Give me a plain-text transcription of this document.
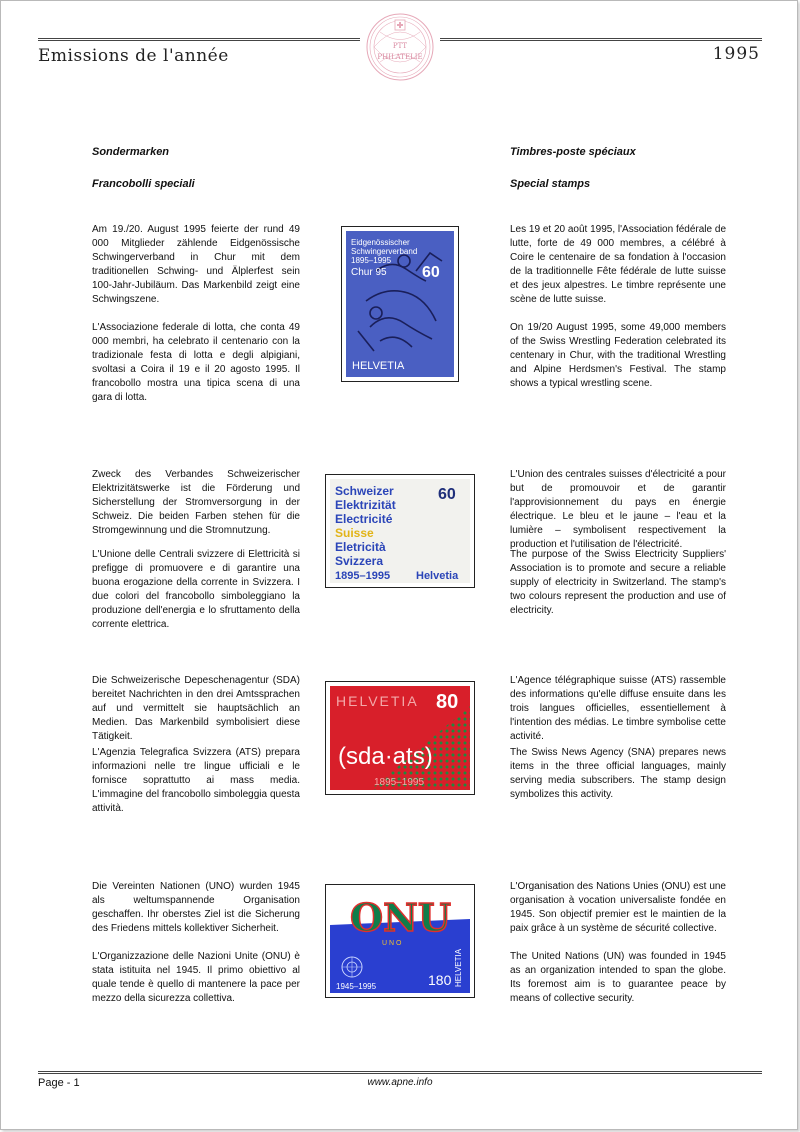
Emissions de l'année	1995
PTT
PHILATELIE
Sondermarken
Francobolli speciali
Timbres-poste spéciaux
Special stamps

Am 19./20. August 1995 feierte der rund 49 000 Mitglieder zählende Eidgenössische Schwingerverband in Chur mit dem traditionellen Schwing- und Älplerfest sein 100-Jahr-Jubiläum. Das Markenbild zeigt eine Schwingszene.

L'Associazione federale di lotta, che conta 49 000 membri, ha celebrato il centenario con la tradizionale festa di lotta e degli alpigiani, svoltasi a Coira il 19 e il 20 agosto 1995. Il francobollo mostra una tipica scena di una gara di lotta.

Les 19 et 20 août 1995, l'Association fédérale de lutte, forte de 49 000 membres, a célébré à Coire le centenaire de sa fondation à l'occasion de la traditionnelle Fête fédérale de lutte suisse et des jeux alpestres. Le timbre représente une scène de lutte suisse.

On 19/20 August 1995, some 49,000 members of the Swiss Wrestling Federation celebrated its centenary in Chur, with the traditional Wrestling and Alpine Herdsmen's Festival. The stamp shows a typical wrestling scene.

Eidgenössischer
Schwingerverband
1895–1995
Chur 95 60
HELVETIA

Zweck des Verbandes Schweizerischer Elektrizitätswerke ist die Förderung und Sicherstellung der Stromversorgung in der Schweiz. Die beiden Farben stehen für die Stromgewinnung und die Stromnutzung.

L'Unione delle Centrali svizzere di Elettricità si prefigge di promuovere e di garantire una buona erogazione della corrente in Svizzera. I due colori del francobollo simboleggiano la produzione dell'energia e lo sfruttamento della corrente elettrica.

L'Union des centrales suisses d'électricité a pour but de promouvoir et de garantir l'approvisionnement du pays en énergie électrique. Le bleu et le jaune – l'eau et la lumière – symbolisent respectivement la production et l'utilisation de l'électricité.

The purpose of the Swiss Electricity Suppliers' Association is to promote and secure a reliable supply of electricity in Switzerland. The stamp's two colours represent the production and use of electricity.

Schweizer
Elektrizität
Electricité
Suisse
Eletricità
Svizzera
1895–1995
60
Helvetia

Die Schweizerische Depeschenagentur (SDA) bereitet Nachrichten in den drei Amtssprachen auf und vermittelt sie hauptsächlich an Medien. Das Markenbild symbolisiert diese Tätigkeit.

L'Agenzia Telegrafica Svizzera (ATS) prepara informazioni nelle tre lingue ufficiali e le fornisce soprattutto ai mass media. L'immagine del francobollo simboleggia questa attività.

L'Agence télégraphique suisse (ATS) rassemble des informations qu'elle diffuse ensuite dans les trois langues officielles, essentiellement à l'intention des médias. Le timbre symbolise cette activité.

The Swiss News Agency (SNA) prepares news items in the three official languages, mainly serving media subscribers. The stamp design symbolizes this activity.

HELVETIA 80
(sda·ats)
1895–1995

Die Vereinten Nationen (UNO) wurden 1945 als weltumspannende Organisation geschaffen. Ihr oberstes Ziel ist die Sicherung des Friedens mittels kollektiver Sicherheit.

L'Organizzazione delle Nazioni Unite (ONU) è stata istituita nel 1945. Il primo obiettivo al quale tende è quello di mantenere la pace per mezzo della sicurezza collettiva.

L'Organisation des Nations Unies (ONU) est une organisation à vocation universaliste fondée en 1945. Son objectif premier est le maintien de la paix grâce à un système de sécurité collective.

The United Nations (UN) was founded in 1945 as an organization intended to span the globe. Its foremost aim is to guarantee peace by means of collective security.

ONU
U N O
1945–1995	180 HELVETIA
Page - 1	www.apne.info
